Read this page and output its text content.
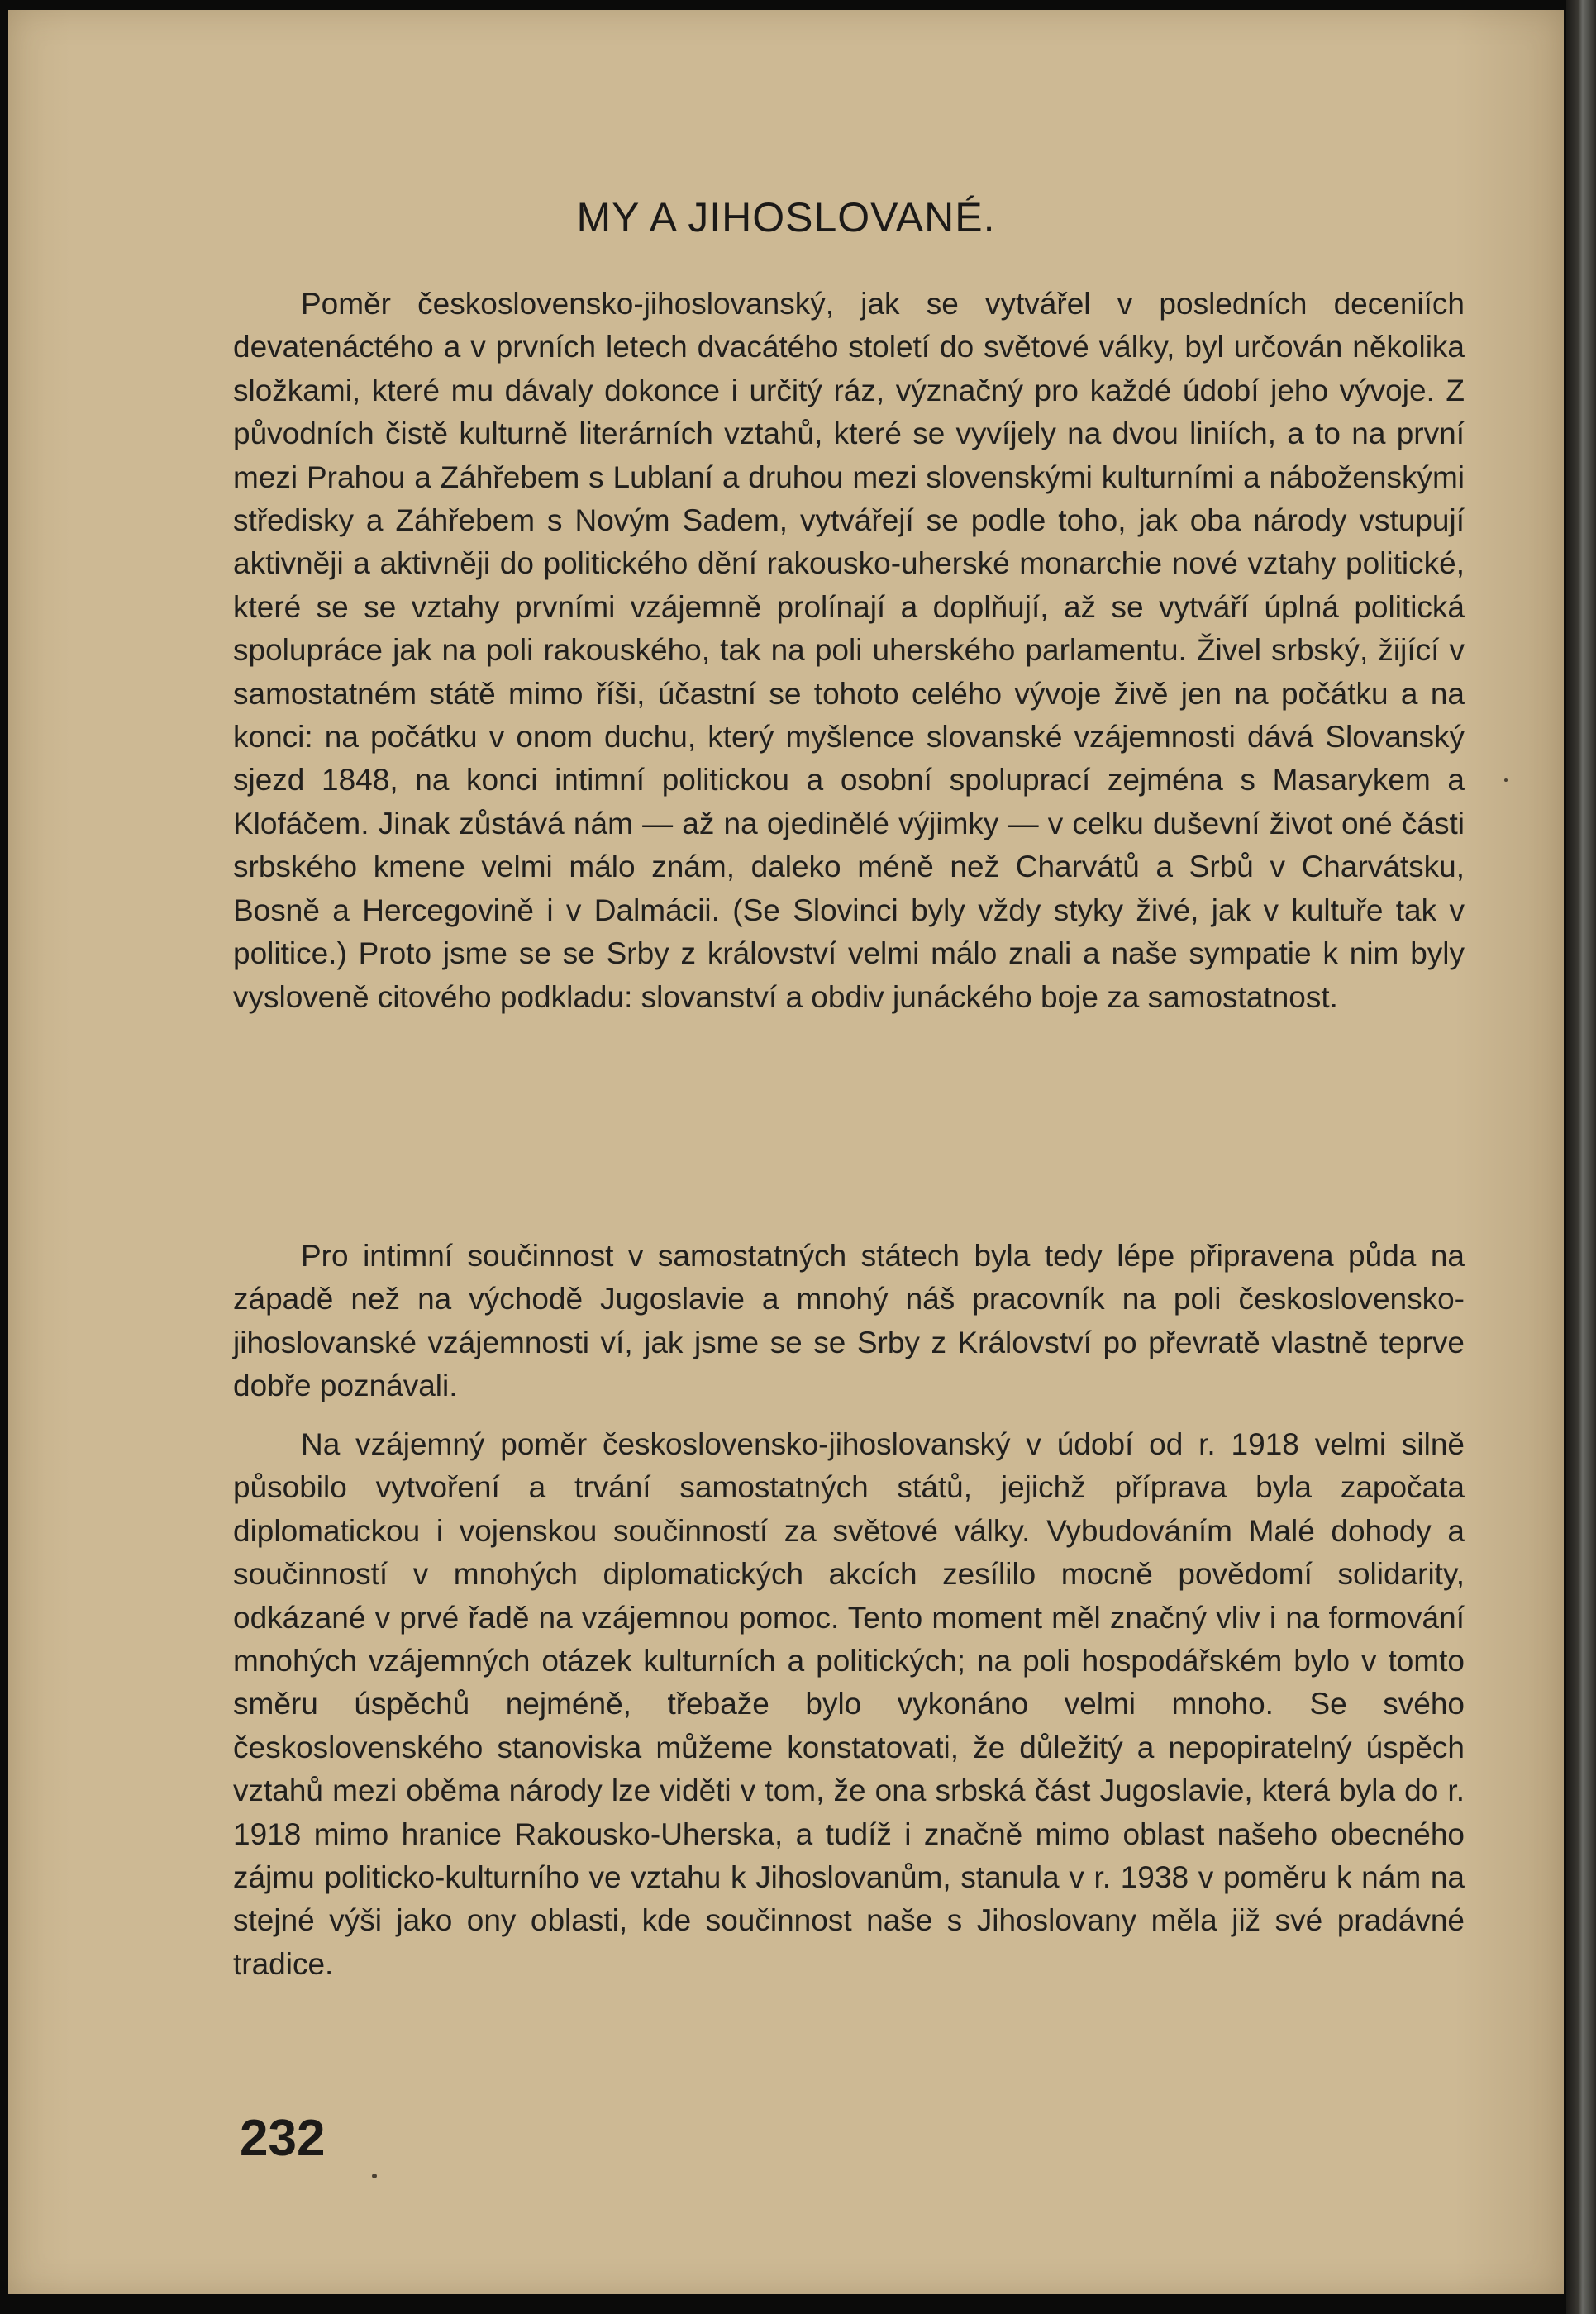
MY A JIHOSLOVANÉ.

Poměr československo-jihoslovanský, jak se vytvářel v posledních deceniích devatenáctého a v prvních letech dvacátého století do světové války, byl určován několika složkami, které mu dávaly dokonce i určitý ráz, význačný pro každé údobí jeho vývoje. Z původních čistě kulturně literárních vztahů, které se vyvíjely na dvou liniích, a to na první mezi Prahou a Záhřebem s Lublaní a druhou mezi slovenskými kulturními a náboženskými středisky a Záhřebem s Novým Sadem, vytvářejí se podle toho, jak oba národy vstupují aktivněji a aktivněji do politického dění rakousko-uherské monarchie nové vztahy politické, které se se vztahy prvními vzájemně prolínají a doplňují, až se vytváří úplná politická spolupráce jak na poli rakouského, tak na poli uherského parlamentu. Živel srbský, žijící v samostatném státě mimo říši, účastní se tohoto celého vývoje živě jen na počátku a na konci: na počátku v onom duchu, který myšlence slovanské vzájemnosti dává Slovanský sjezd 1848, na konci intimní politickou a osobní spoluprací zejména s Masarykem a Klofáčem. Jinak zůstává nám — až na ojedinělé výjimky — v celku duševní život oné části srbského kmene velmi málo znám, daleko méně než Charvátů a Srbů v Charvátsku, Bosně a Hercegovině i v Dalmácii. (Se Slovinci byly vždy styky živé, jak v kultuře tak v politice.) Proto jsme se se Srby z království velmi málo znali a naše sympatie k nim byly vysloveně citového podkladu: slovanství a obdiv junáckého boje za samostatnost.

Pro intimní součinnost v samostatných státech byla tedy lépe připravena půda na západě než na východě Jugoslavie a mnohý náš pracovník na poli československo-jihoslovanské vzájemnosti ví, jak jsme se se Srby z Království po převratě vlastně teprve dobře poznávali.

Na vzájemný poměr československo-jihoslovanský v údobí od r. 1918 velmi silně působilo vytvoření a trvání samostatných států, jejichž příprava byla započata diplomatickou i vojenskou součinností za světové války. Vybudováním Malé dohody a součinností v mnohých diplomatických akcích zesílilo mocně povědomí solidarity, odkázané v prvé řadě na vzájemnou pomoc. Tento moment měl značný vliv i na formování mnohých vzájemných otázek kulturních a politických; na poli hospodářském bylo v tomto směru úspěchů nejméně, třebaže bylo vykonáno velmi mnoho. Se svého československého stanoviska můžeme konstatovati, že důležitý a nepopiratelný úspěch vztahů mezi oběma národy lze viděti v tom, že ona srbská část Jugoslavie, která byla do r. 1918 mimo hranice Rakousko-Uherska, a tudíž i značně mimo oblast našeho obecného zájmu politicko-kulturního ve vztahu k Jihoslovanům, stanula v r. 1938 v poměru k nám na stejné výši jako ony oblasti, kde součinnost naše s Jihoslovany měla již své pradávné tradice.

232
